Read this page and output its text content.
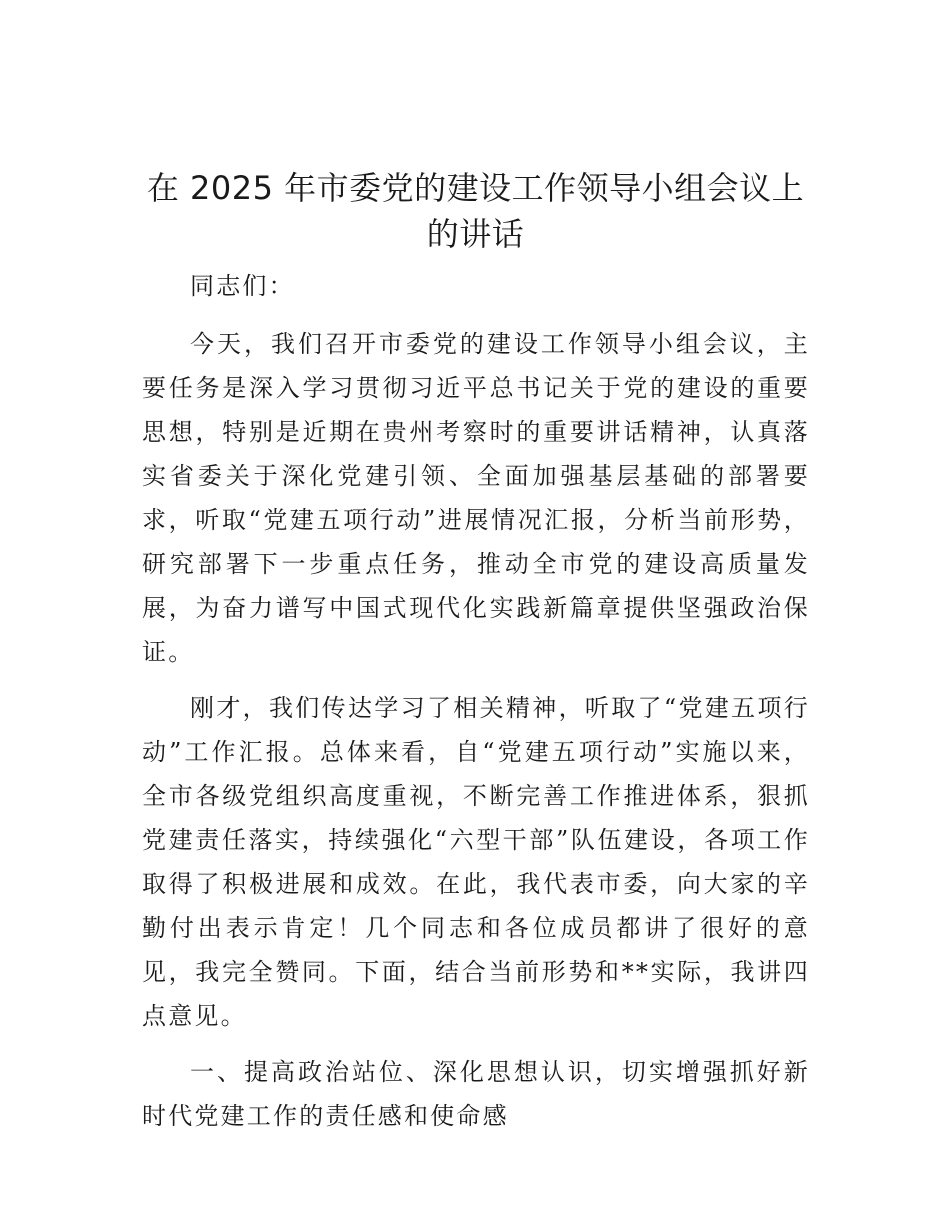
在 2025 年市委党的建设工作领导小组会议上的讲话

同志们：

今天，我们召开市委党的建设工作领导小组会议，主要任务是深入学习贯彻习近平总书记关于党的建设的重要思想，特别是近期在贵州考察时的重要讲话精神，认真落实省委关于深化党建引领、全面加强基层基础的部署要求，听取“党建五项行动”进展情况汇报，分析当前形势，研究部署下一步重点任务，推动全市党的建设高质量发展，为奋力谱写中国式现代化实践新篇章提供坚强政治保证。

刚才，我们传达学习了相关精神，听取了“党建五项行动”工作汇报。总体来看，自“党建五项行动”实施以来，全市各级党组织高度重视，不断完善工作推进体系，狠抓党建责任落实，持续强化“六型干部”队伍建设，各项工作取得了积极进展和成效。在此，我代表市委，向大家的辛勤付出表示肯定！几个同志和各位成员都讲了很好的意见，我完全赞同。下面，结合当前形势和**实际，我讲四点意见。

一、提高政治站位、深化思想认识，切实增强抓好新时代党建工作的责任感和使命感
